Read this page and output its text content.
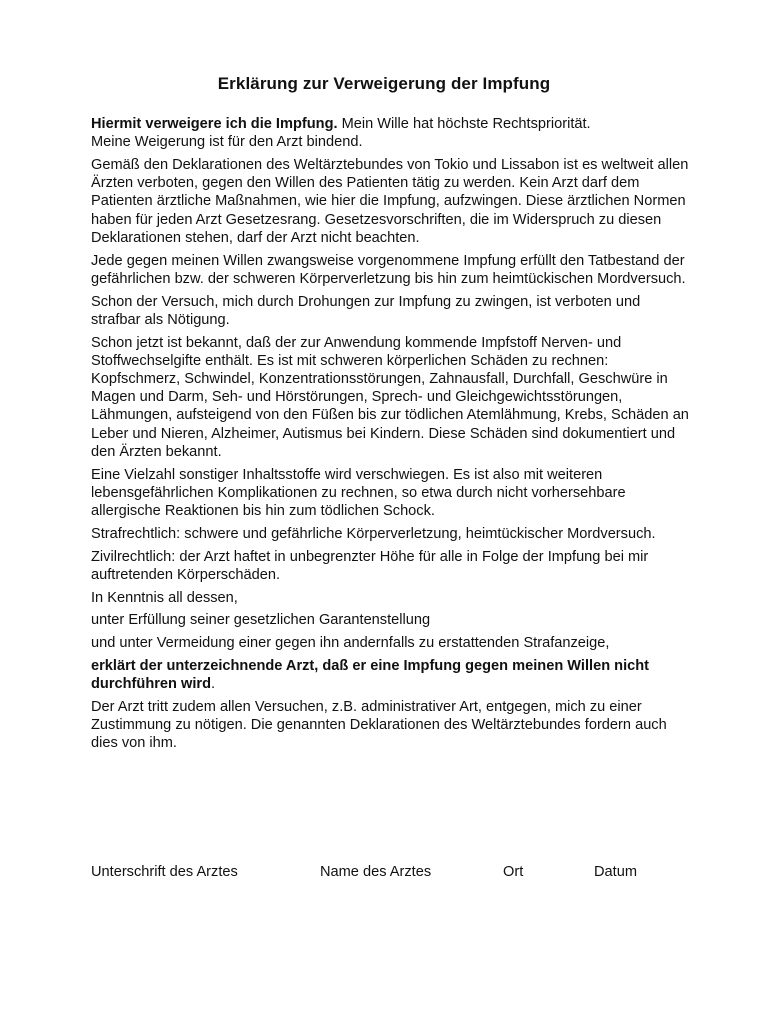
Erklärung zur Verweigerung der Impfung

Hiermit verweigere ich die Impfung. Mein Wille hat höchste Rechtspriorität.
Meine Weigerung ist für den Arzt bindend.

Gemäß den Deklarationen des Weltärztebundes von Tokio und Lissabon ist es weltweit allen Ärzten verboten, gegen den Willen des Patienten tätig zu werden. Kein Arzt darf dem Patienten ärztliche Maßnahmen, wie hier die Impfung, aufzwingen. Diese ärztlichen Normen haben für jeden Arzt Gesetzesrang. Gesetzesvorschriften, die im Widerspruch zu diesen Deklarationen stehen, darf der Arzt nicht beachten.

Jede gegen meinen Willen zwangsweise vorgenommene Impfung erfüllt den Tatbestand der gefährlichen bzw. der schweren Körperverletzung bis hin zum heimtückischen Mordversuch.

Schon der Versuch, mich durch Drohungen zur Impfung zu zwingen, ist verboten und strafbar als Nötigung.

Schon jetzt ist bekannt, daß der zur Anwendung kommende Impfstoff Nerven- und Stoffwechselgifte enthält. Es ist mit schweren körperlichen Schäden zu rechnen: Kopfschmerz, Schwindel, Konzentrationsstörungen, Zahnausfall, Durchfall, Geschwüre in Magen und Darm, Seh- und Hörstörungen, Sprech- und Gleichgewichtsstörungen, Lähmungen, aufsteigend von den Füßen bis zur tödlichen Atemlähmung, Krebs, Schäden an Leber und Nieren, Alzheimer, Autismus bei Kindern. Diese Schäden sind dokumentiert und den Ärzten bekannt.

Eine Vielzahl sonstiger Inhaltsstoffe wird verschwiegen. Es ist also mit weiteren lebensgefährlichen Komplikationen zu rechnen, so etwa durch nicht vorhersehbare allergische Reaktionen bis hin zum tödlichen Schock.

Strafrechtlich: schwere und gefährliche Körperverletzung, heimtückischer Mordversuch.

Zivilrechtlich: der Arzt haftet in unbegrenzter Höhe für alle in Folge der Impfung bei mir auftretenden Körperschäden.

In Kenntnis all dessen,

unter Erfüllung seiner gesetzlichen Garantenstellung

und unter Vermeidung einer gegen ihn andernfalls zu erstattenden Strafanzeige,

erklärt der unterzeichnende Arzt, daß er eine Impfung gegen meinen Willen nicht durchführen wird.

Der Arzt tritt zudem allen Versuchen, z.B. administrativer Art, entgegen, mich zu einer Zustimmung zu nötigen. Die genannten Deklarationen des Weltärztebundes fordern auch dies von ihm.

Unterschrift des Arztes	Name des Arztes	Ort	Datum
